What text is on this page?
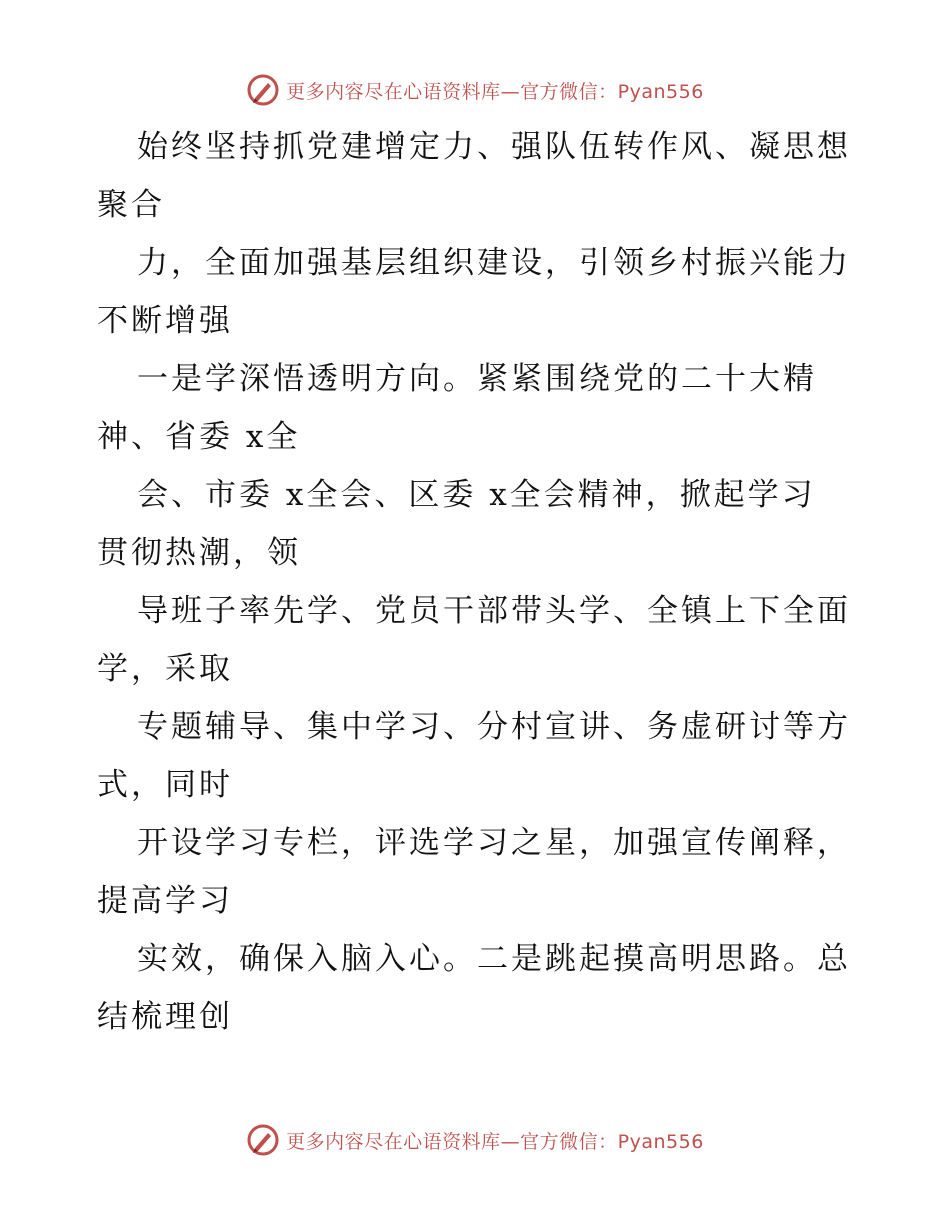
更多内容尽在心语资料库—官方微信：Pyan556

始终坚持抓党建增定力、强队伍转作风、凝思想
聚合

力，全面加强基层组织建设，引领乡村振兴能力
不断增强

一是学深悟透明方向。紧紧围绕党的二十大精
神、省委 x全

会、市委 x全会、区委 x全会精神，掀起学习
贯彻热潮，领

导班子率先学、党员干部带头学、全镇上下全面
学，采取

专题辅导、集中学习、分村宣讲、务虚研讨等方
式，同时

开设学习专栏，评选学习之星，加强宣传阐释，
提高学习

实效，确保入脑入心。二是跳起摸高明思路。总
结梳理创

更多内容尽在心语资料库—官方微信：Pyan556
